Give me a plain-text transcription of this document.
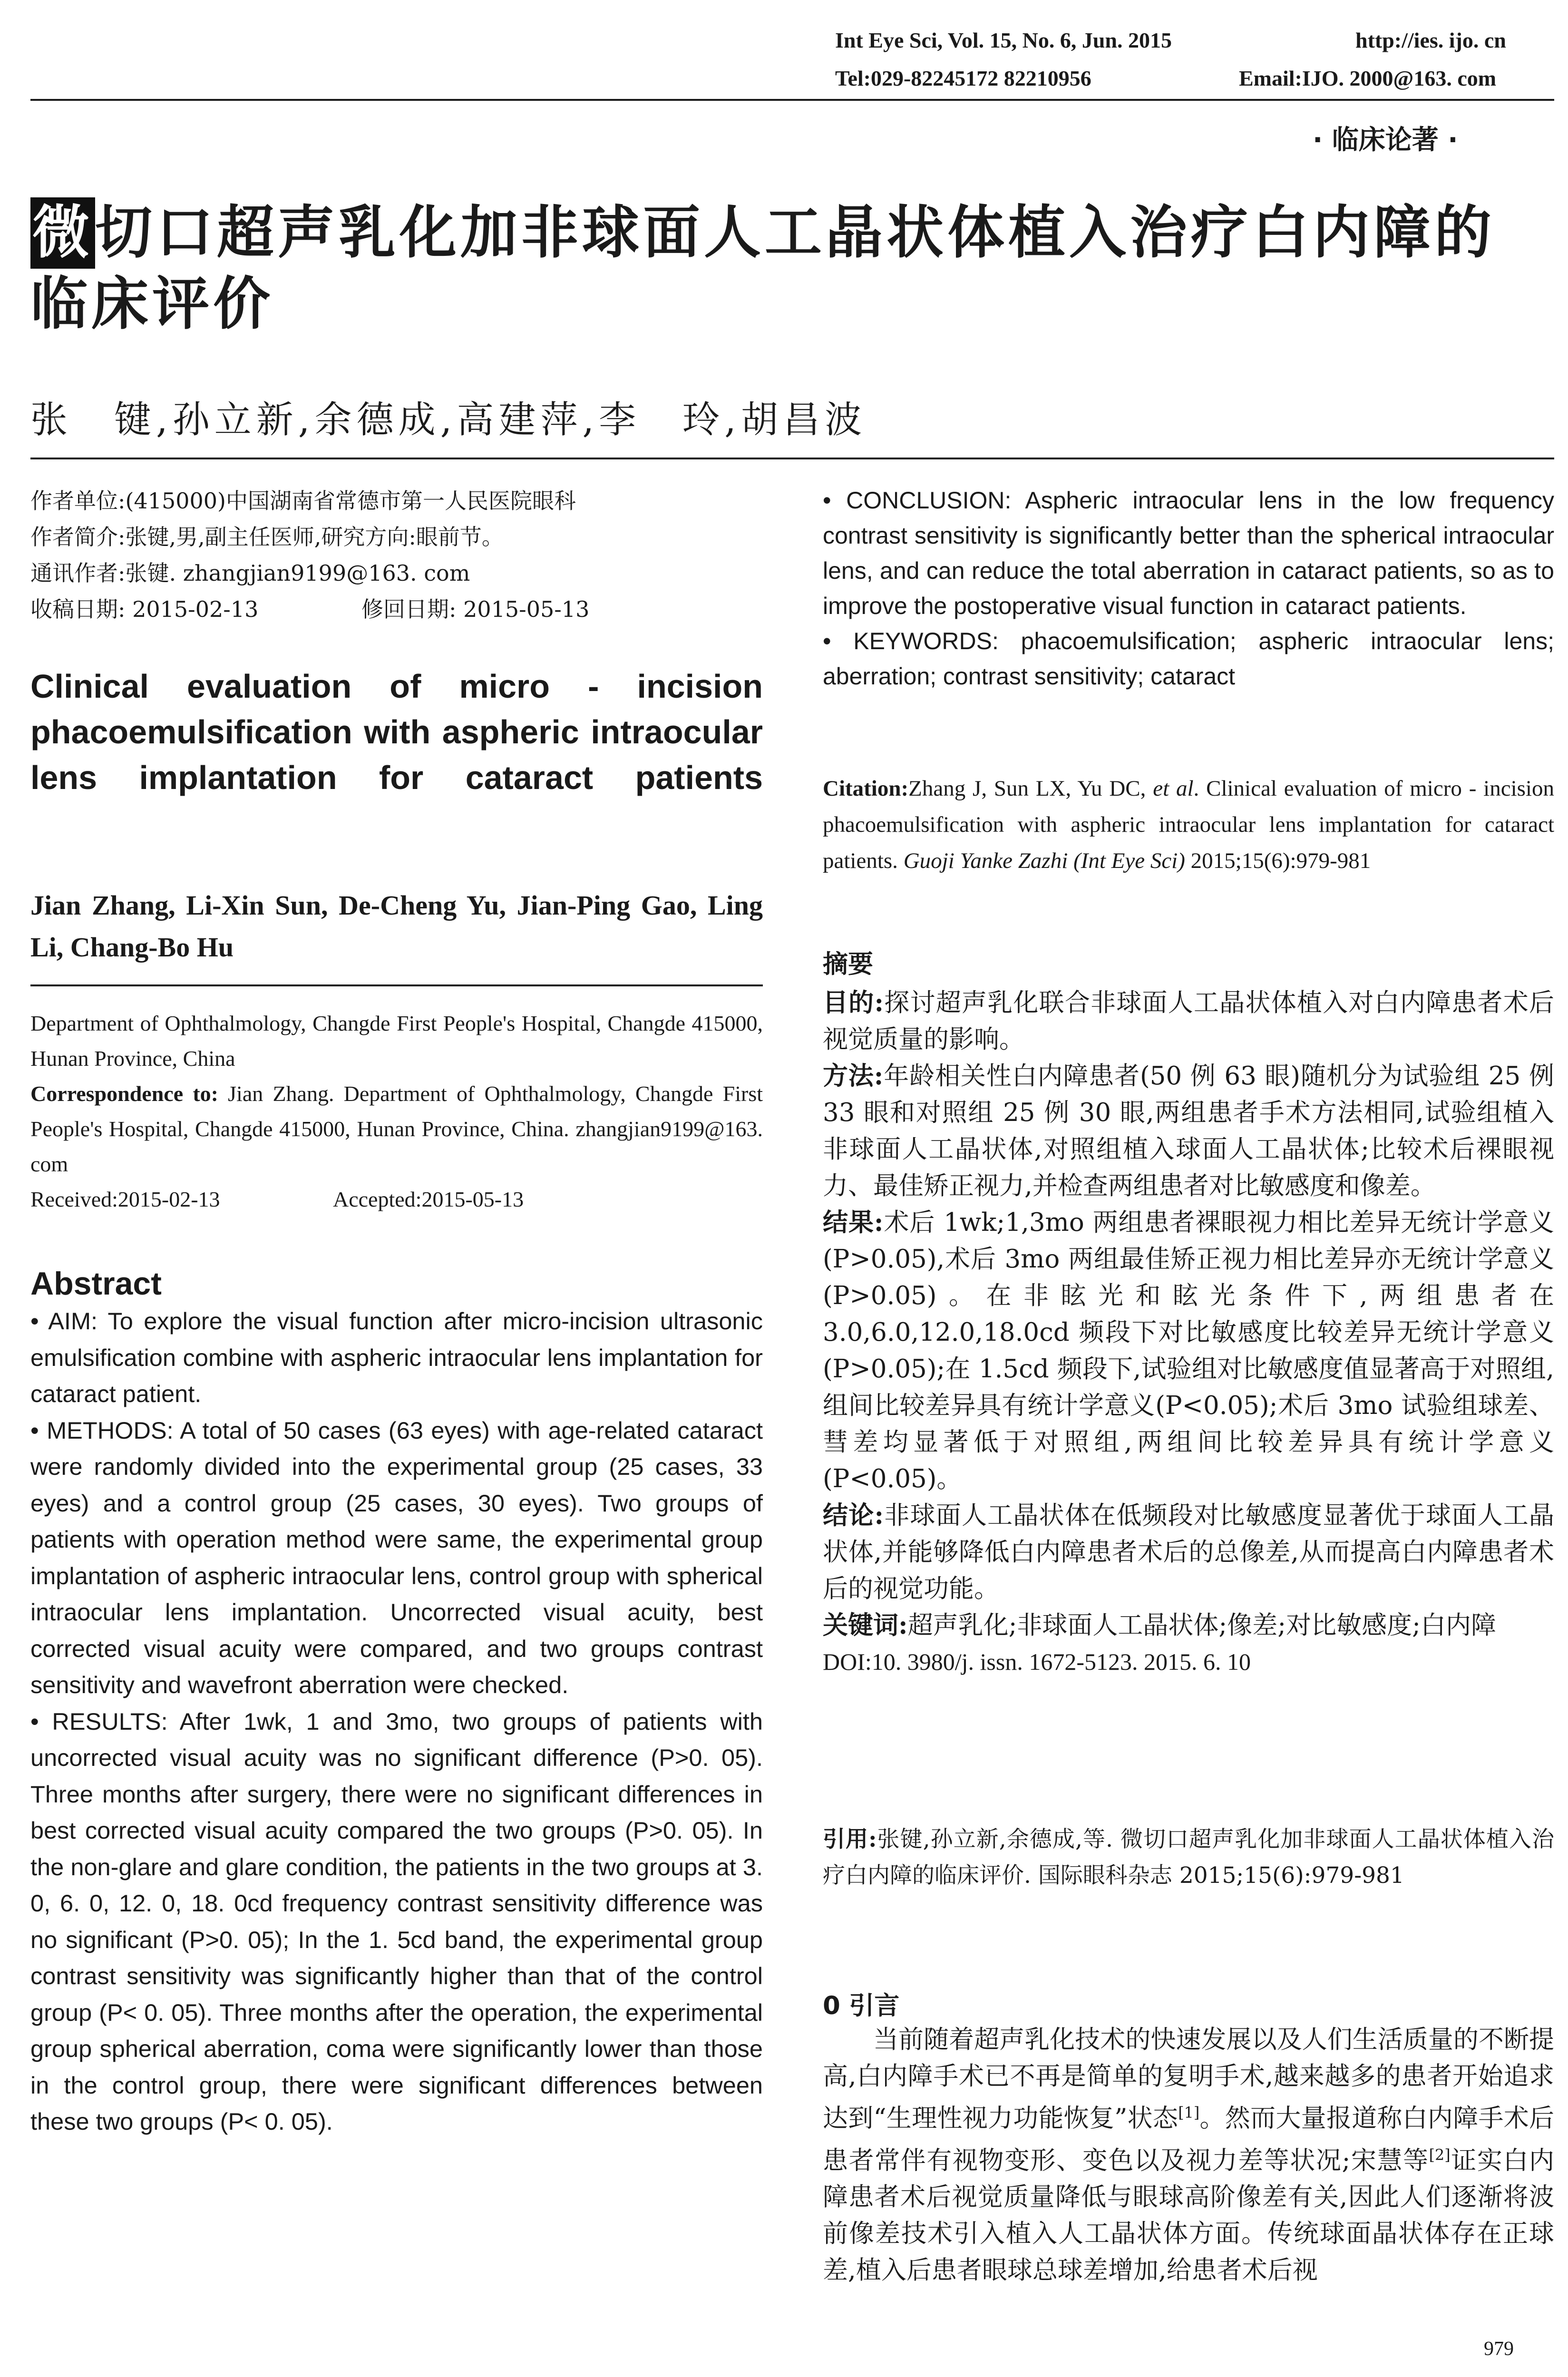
Int Eye Sci, Vol. 15, No. 6, Jun. 2015	http://ies. ijo. cn
Tel:029-82245172 82210956	Email:IJO. 2000@163. com
· 临床论著 ·
微切口超声乳化加非球面人工晶状体植入治疗白内障的临床评价
张　键,孙立新,余德成,高建萍,李　玲,胡昌波
作者单位:(415000)中国湖南省常德市第一人民医院眼科
作者简介:张键,男,副主任医师,研究方向:眼前节。
通讯作者:张键. zhangjian9199@163. com
收稿日期: 2015-02-13	修回日期: 2015-05-13
Clinical evaluation of micro - incision phacoemulsification with aspheric intraocular lens implantation for cataract patients
Jian Zhang, Li-Xin Sun, De-Cheng Yu, Jian-Ping Gao, Ling Li, Chang-Bo Hu
Department of Ophthalmology, Changde First People's Hospital, Changde 415000, Hunan Province, China
Correspondence to: Jian Zhang. Department of Ophthalmology, Changde First People's Hospital, Changde 415000, Hunan Province, China. zhangjian9199@163. com
Received:2015-02-13	Accepted:2015-05-13
Abstract

• AIM: To explore the visual function after micro-incision ultrasonic emulsification combine with aspheric intraocular lens implantation for cataract patient.

• METHODS: A total of 50 cases (63 eyes) with age-related cataract were randomly divided into the experimental group (25 cases, 33 eyes) and a control group (25 cases, 30 eyes). Two groups of patients with operation method were same, the experimental group implantation of aspheric intraocular lens, control group with spherical intraocular lens implantation. Uncorrected visual acuity, best corrected visual acuity were compared, and two groups contrast sensitivity and wavefront aberration were checked.

• RESULTS: After 1wk, 1 and 3mo, two groups of patients with uncorrected visual acuity was no significant difference (P>0. 05). Three months after surgery, there were no significant differences in best corrected visual acuity compared the two groups (P>0. 05). In the non-glare and glare condition, the patients in the two groups at 3. 0, 6. 0, 12. 0, 18. 0cd frequency contrast sensitivity difference was no significant (P>0. 05); In the 1. 5cd band, the experimental group contrast sensitivity was significantly higher than that of the control group (P< 0. 05). Three months after the operation, the experimental group spherical aberration, coma were significantly lower than those in the control group, there were significant differences between these two groups (P< 0. 05).

• CONCLUSION: Aspheric intraocular lens in the low frequency contrast sensitivity is significantly better than the spherical intraocular lens, and can reduce the total aberration in cataract patients, so as to improve the postoperative visual function in cataract patients.

• KEYWORDS: phacoemulsification; aspheric intraocular lens; aberration; contrast sensitivity; cataract

Citation:Zhang J, Sun LX, Yu DC, et al. Clinical evaluation of micro - incision phacoemulsification with aspheric intraocular lens implantation for cataract patients. Guoji Yanke Zazhi (Int Eye Sci) 2015;15(6):979-981
摘要

目的:探讨超声乳化联合非球面人工晶状体植入对白内障患者术后视觉质量的影响。

方法:年龄相关性白内障患者(50 例 63 眼)随机分为试验组 25 例 33 眼和对照组 25 例 30 眼,两组患者手术方法相同,试验组植入非球面人工晶状体,对照组植入球面人工晶状体;比较术后裸眼视力、最佳矫正视力,并检查两组患者对比敏感度和像差。

结果:术后 1wk;1,3mo 两组患者裸眼视力相比差异无统计学意义(P>0.05),术后 3mo 两组最佳矫正视力相比差异亦无统计学意义(P>0.05)。在非眩光和眩光条件下,两组患者在 3.0,6.0,12.0,18.0cd 频段下对比敏感度比较差异无统计学意义(P>0.05);在 1.5cd 频段下,试验组对比敏感度值显著高于对照组,组间比较差异具有统计学意义(P<0.05);术后 3mo 试验组球差、彗差均显著低于对照组,两组间比较差异具有统计学意义(P<0.05)。

结论:非球面人工晶状体在低频段对比敏感度显著优于球面人工晶状体,并能够降低白内障患者术后的总像差,从而提高白内障患者术后的视觉功能。

关键词:超声乳化;非球面人工晶状体;像差;对比敏感度;白内障

DOI:10. 3980/j. issn. 1672-5123. 2015. 6. 10

引用:张键,孙立新,余德成,等. 微切口超声乳化加非球面人工晶状体植入治疗白内障的临床评价. 国际眼科杂志 2015;15(6):979-981
0 引言

当前随着超声乳化技术的快速发展以及人们生活质量的不断提高,白内障手术已不再是简单的复明手术,越来越多的患者开始追求达到“生理性视力功能恢复”状态[1]。然而大量报道称白内障手术后患者常伴有视物变形、变色以及视力差等状况;宋慧等[2]证实白内障患者术后视觉质量降低与眼球高阶像差有关,因此人们逐渐将波前像差技术引入植入人工晶状体方面。传统球面晶状体存在正球差,植入后患者眼球总球差增加,给患者术后视

979
